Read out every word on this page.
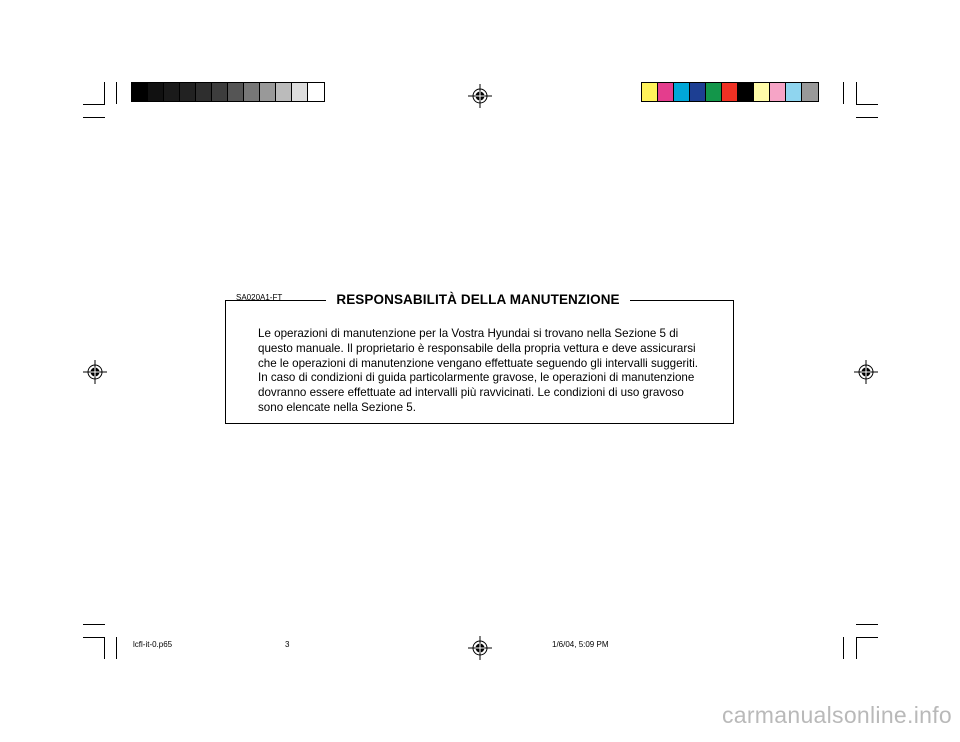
SA020A1-FT	RESPONSABILITÀ DELLA MANUTENZIONE
Le operazioni di manutenzione per la Vostra Hyundai si trovano nella Sezione 5 di
questo manuale. Il proprietario è responsabile della propria vettura e deve assicurarsi
che le operazioni di manutenzione vengano effettuate seguendo gli intervalli suggeriti.
In caso di condizioni di guida particolarmente gravose, le operazioni di manutenzione
dovranno essere effettuate ad intervalli più ravvicinati. Le condizioni di uso gravoso
sono elencate nella Sezione 5.
lcfl-it-0.p65	3	1/6/04, 5:09 PM
carmanualsonline.info
